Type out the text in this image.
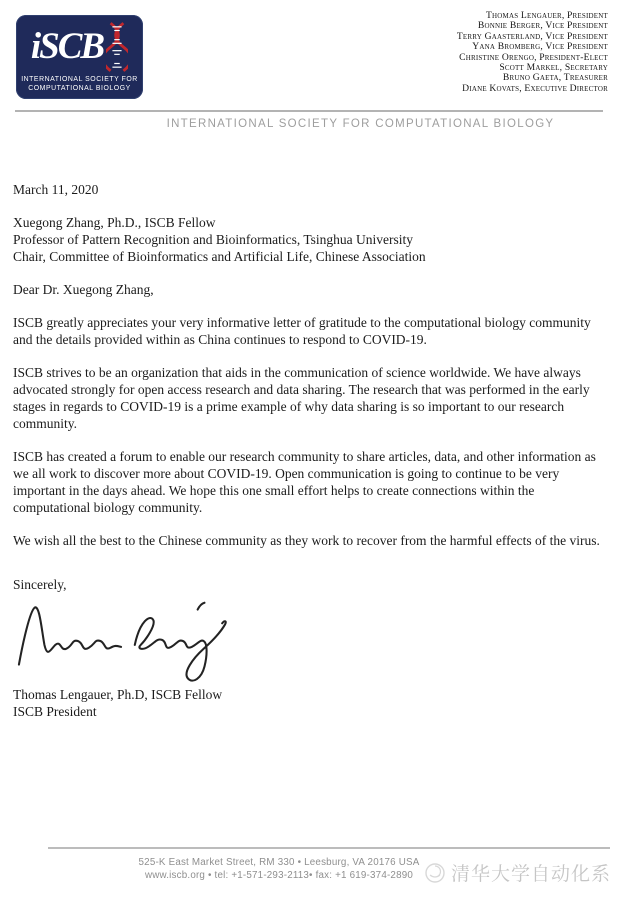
iSCB
INTERNATIONAL SOCIETY FOR
COMPUTATIONAL BIOLOGY
Thomas Lengauer, President
Bonnie Berger, Vice President
Terry Gaasterland, Vice President
Yana Bromberg, Vice President
Christine Orengo, President-Elect
Scott Markel, Secretary
Bruno Gaeta, Treasurer
Diane Kovats, Executive Director
INTERNATIONAL SOCIETY FOR COMPUTATIONAL BIOLOGY

March 11, 2020

Xuegong Zhang, Ph.D., ISCB Fellow
Professor of Pattern Recognition and Bioinformatics, Tsinghua University
Chair, Committee of Bioinformatics and Artificial Life, Chinese Association

Dear Dr. Xuegong Zhang,

ISCB greatly appreciates your very informative letter of gratitude to the computational biology community and the details provided within as China continues to respond to COVID-19.

ISCB strives to be an organization that aids in the communication of science worldwide. We have always advocated strongly for open access research and data sharing. The research that was performed in the early stages in regards to COVID-19 is a prime example of why data sharing is so important to our research community.

ISCB has created a forum to enable our research community to share articles, data, and other information as we all work to discover more about COVID-19. Open communication is going to continue to be very important in the days ahead. We hope this one small effort helps to create connections within the computational biology community.

We wish all the best to the Chinese community as they work to recover from the harmful effects of the virus.

Sincerely,

Thomas Lengauer, Ph.D, ISCB Fellow
ISCB President
525-K East Market Street, RM 330 • Leesburg, VA 20176 USA
www.iscb.org • tel: +1-571-293-2113• fax: +1 619-374-2890	清华大学自动化系
